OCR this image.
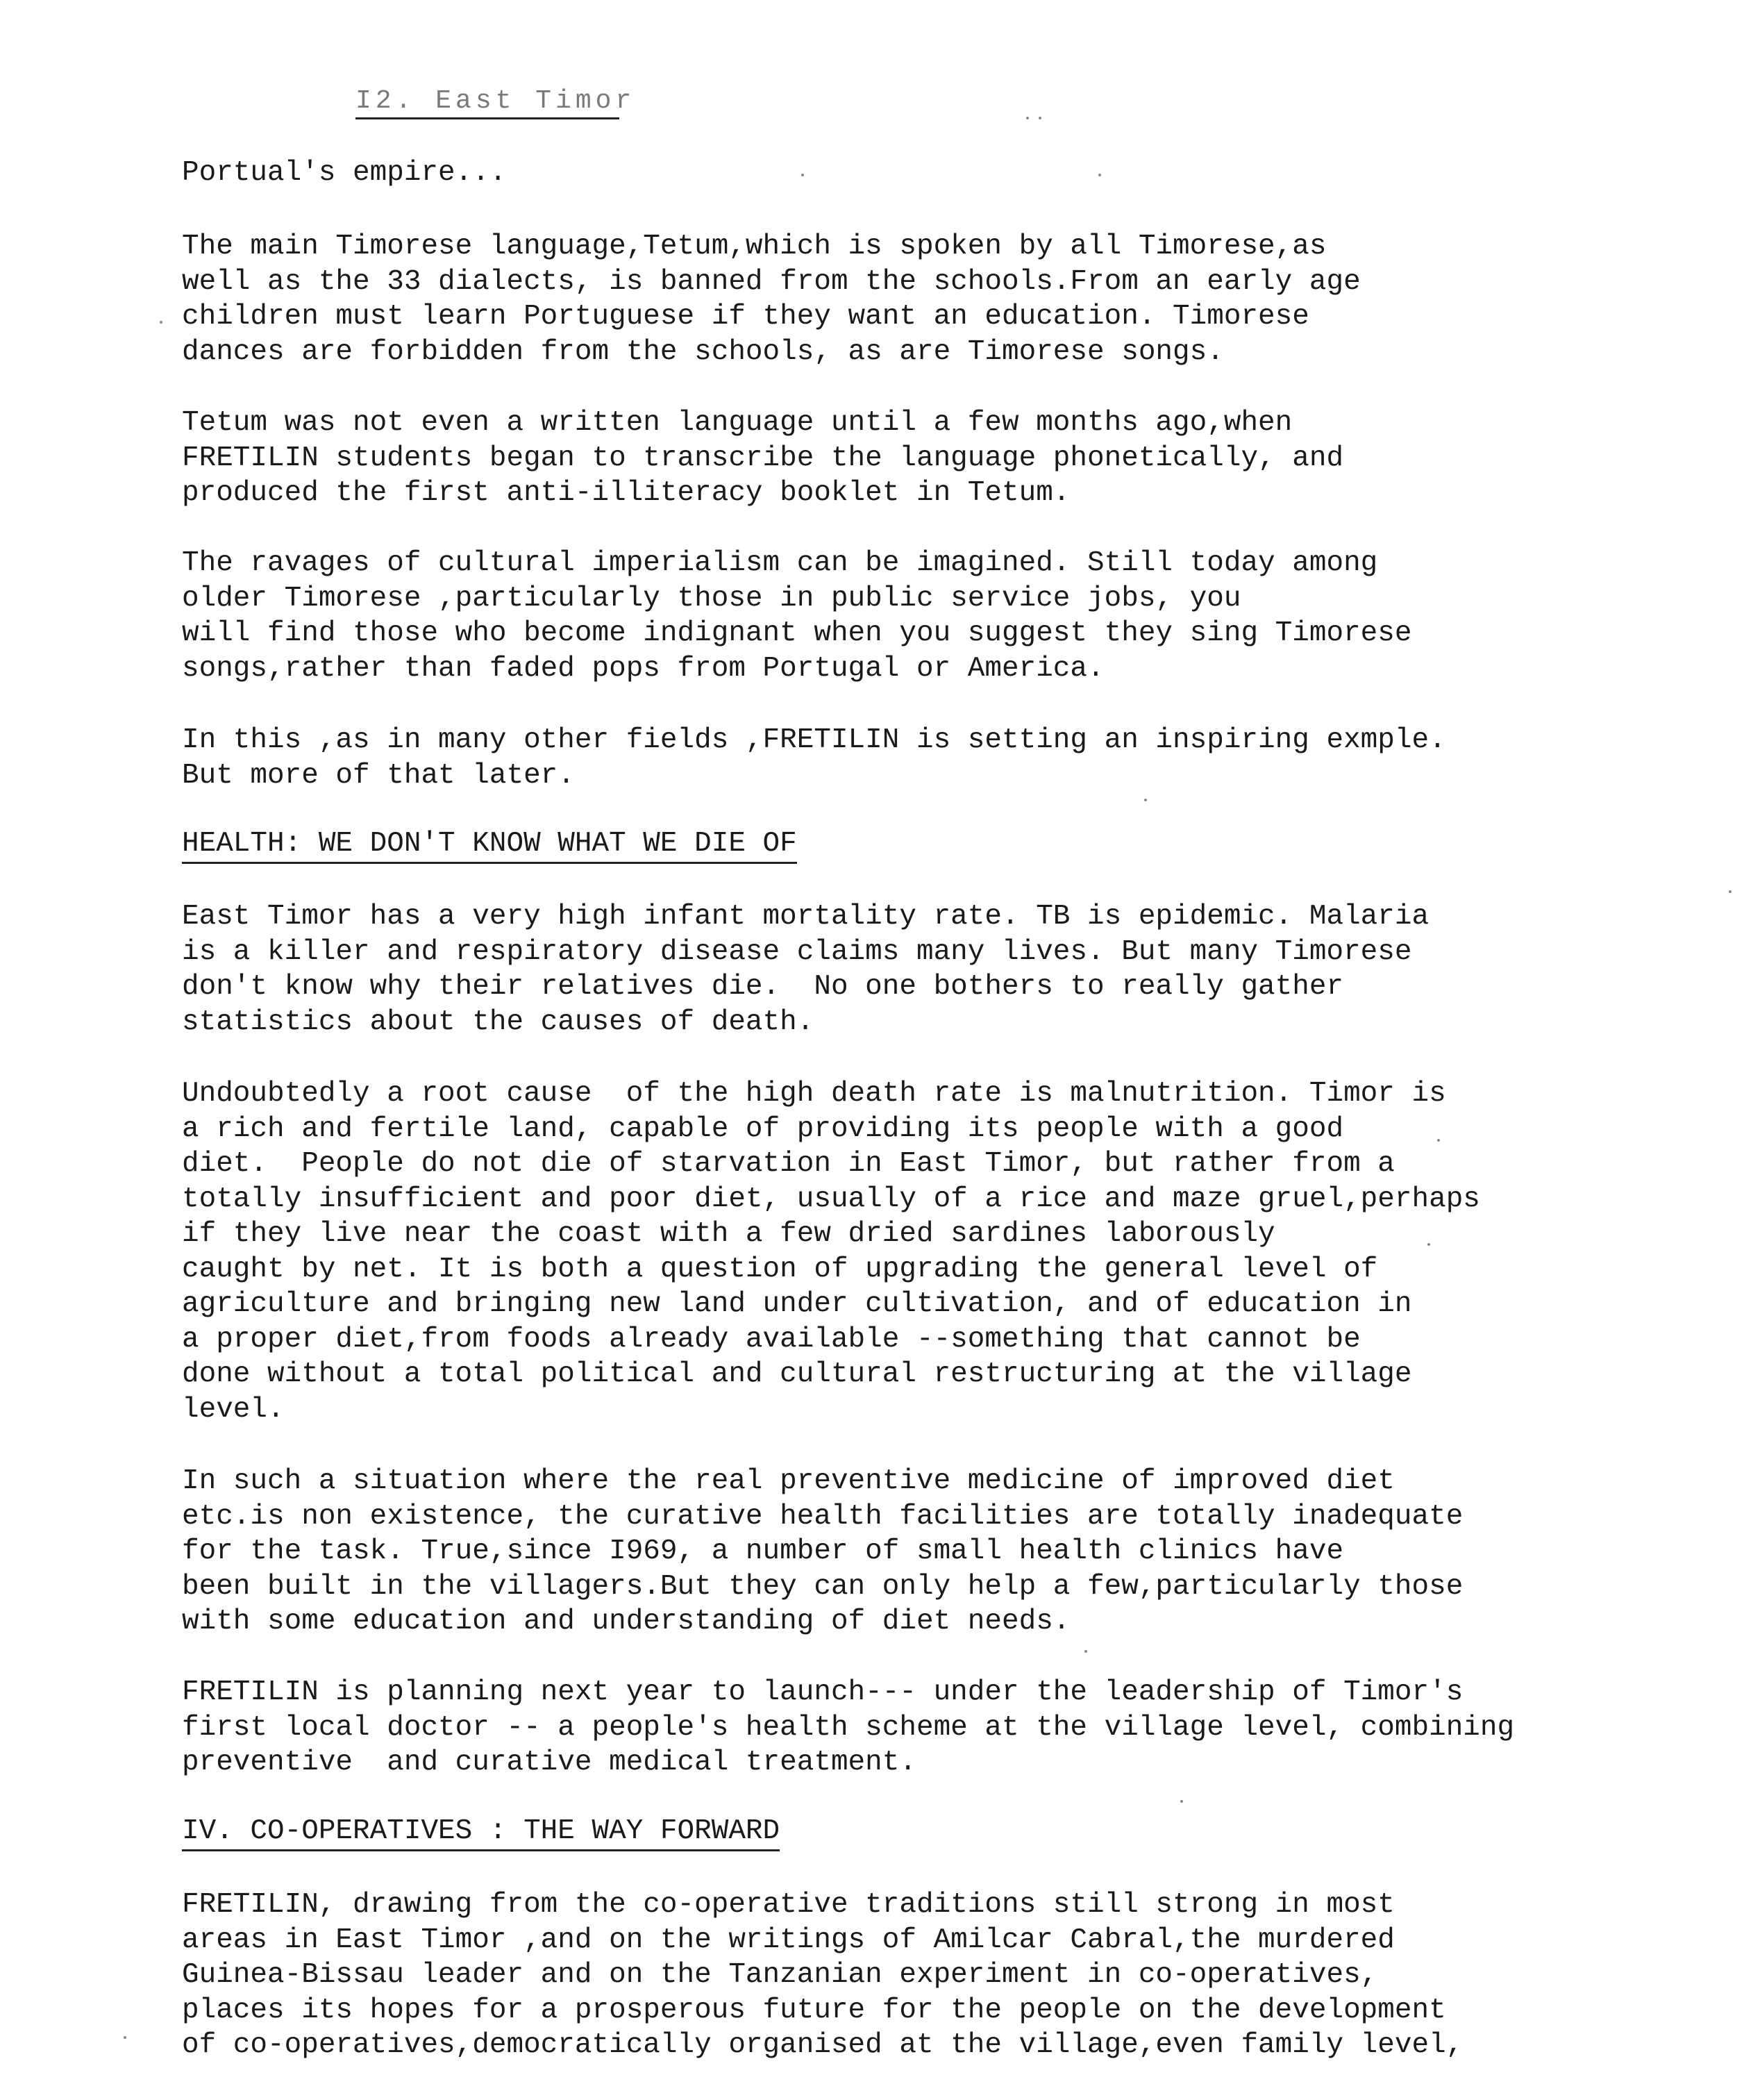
I2. East Timor
Portual's empire...
The main Timorese language,Tetum,which is spoken by all Timorese,as
well as the 33 dialects, is banned from the schools.From an early age
children must learn Portuguese if they want an education. Timorese
dances are forbidden from the schools, as are Timorese songs.
Tetum was not even a written language until a few months ago,when
FRETILIN students began to transcribe the language phonetically, and
produced the first anti-illiteracy booklet in Tetum.
The ravages of cultural imperialism can be imagined. Still today among
older Timorese ,particularly those in public service jobs, you
will find those who become indignant when you suggest they sing Timorese
songs,rather than faded pops from Portugal or America.
In this ,as in many other fields ,FRETILIN is setting an inspiring exmple.
But more of that later.
HEALTH: WE DON'T KNOW WHAT WE DIE OF
East Timor has a very high infant mortality rate. TB is epidemic. Malaria
is a killer and respiratory disease claims many lives. But many Timorese
don't know why their relatives die.  No one bothers to really gather
statistics about the causes of death.
Undoubtedly a root cause  of the high death rate is malnutrition. Timor is
a rich and fertile land, capable of providing its people with a good
diet.  People do not die of starvation in East Timor, but rather from a
totally insufficient and poor diet, usually of a rice and maze gruel,perhaps
if they live near the coast with a few dried sardines laborously
caught by net. It is both a question of upgrading the general level of
agriculture and bringing new land under cultivation, and of education in
a proper diet,from foods already available --something that cannot be
done without a total political and cultural restructuring at the village
level.
In such a situation where the real preventive medicine of improved diet
etc.is non existence, the curative health facilities are totally inadequate
for the task. True,since I969, a number of small health clinics have
been built in the villagers.But they can only help a few,particularly those
with some education and understanding of diet needs.
FRETILIN is planning next year to launch--- under the leadership of Timor's
first local doctor -- a people's health scheme at the village level, combining
preventive  and curative medical treatment.
IV. CO-OPERATIVES : THE WAY FORWARD
FRETILIN, drawing from the co-operative traditions still strong in most
areas in East Timor ,and on the writings of Amilcar Cabral,the murdered
Guinea-Bissau leader and on the Tanzanian experiment in co-operatives,
places its hopes for a prosperous future for the people on the development
of co-operatives,democratically organised at the village,even family level,
